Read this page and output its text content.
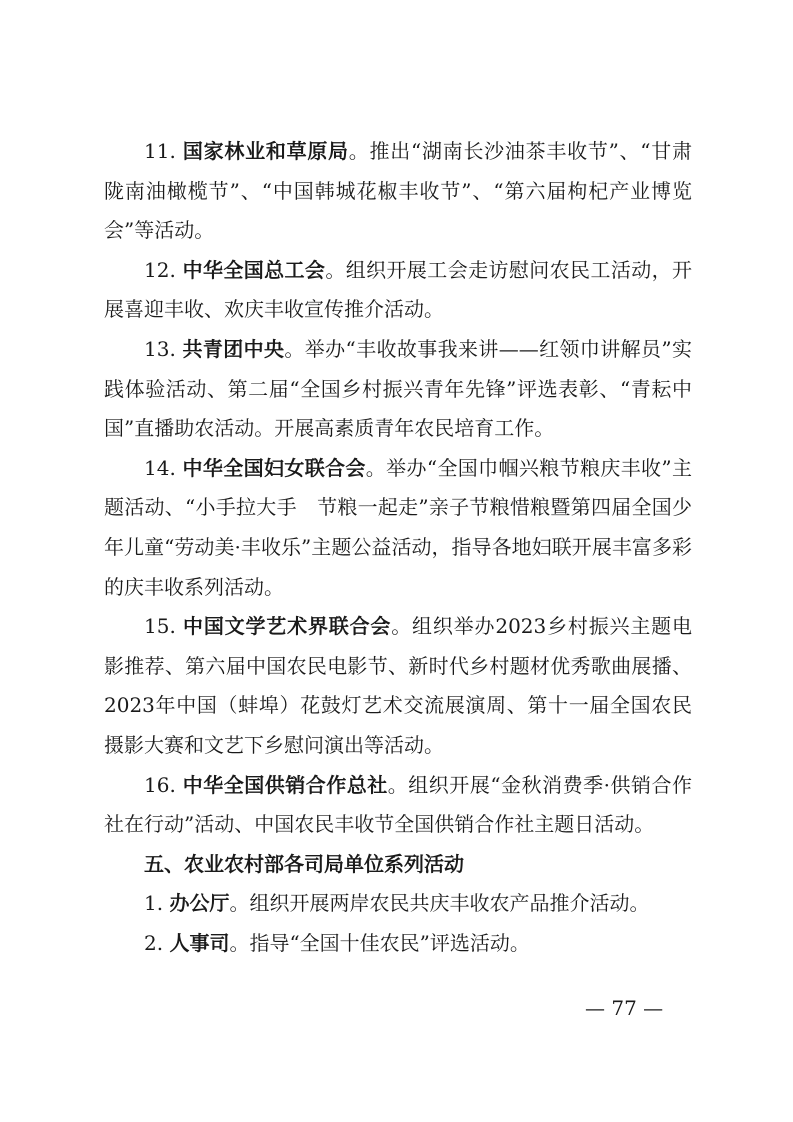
11. 国家林业和草原局。推出“湖南长沙油茶丰收节”、“甘肃陇南油橄榄节”、“中国韩城花椒丰收节”、“第六届枸杞产业博览会”等活动。

12. 中华全国总工会。组织开展工会走访慰问农民工活动，开展喜迎丰收、欢庆丰收宣传推介活动。

13. 共青团中央。举办“丰收故事我来讲——红领巾讲解员”实践体验活动、第二届“全国乡村振兴青年先锋”评选表彰、“青耘中国”直播助农活动。开展高素质青年农民培育工作。

14. 中华全国妇女联合会。举办“全国巾帼兴粮节粮庆丰收”主题活动、“小手拉大手　节粮一起走”亲子节粮惜粮暨第四届全国少年儿童“劳动美·丰收乐”主题公益活动，指导各地妇联开展丰富多彩的庆丰收系列活动。

15. 中国文学艺术界联合会。组织举办2023乡村振兴主题电影推荐、第六届中国农民电影节、新时代乡村题材优秀歌曲展播、2023年中国（蚌埠）花鼓灯艺术交流展演周、第十一届全国农民摄影大赛和文艺下乡慰问演出等活动。

16. 中华全国供销合作总社。组织开展“金秋消费季·供销合作社在行动”活动、中国农民丰收节全国供销合作社主题日活动。

五、农业农村部各司局单位系列活动

1. 办公厅。组织开展两岸农民共庆丰收农产品推介活动。

2. 人事司。指导“全国十佳农民”评选活动。

— 77 —
